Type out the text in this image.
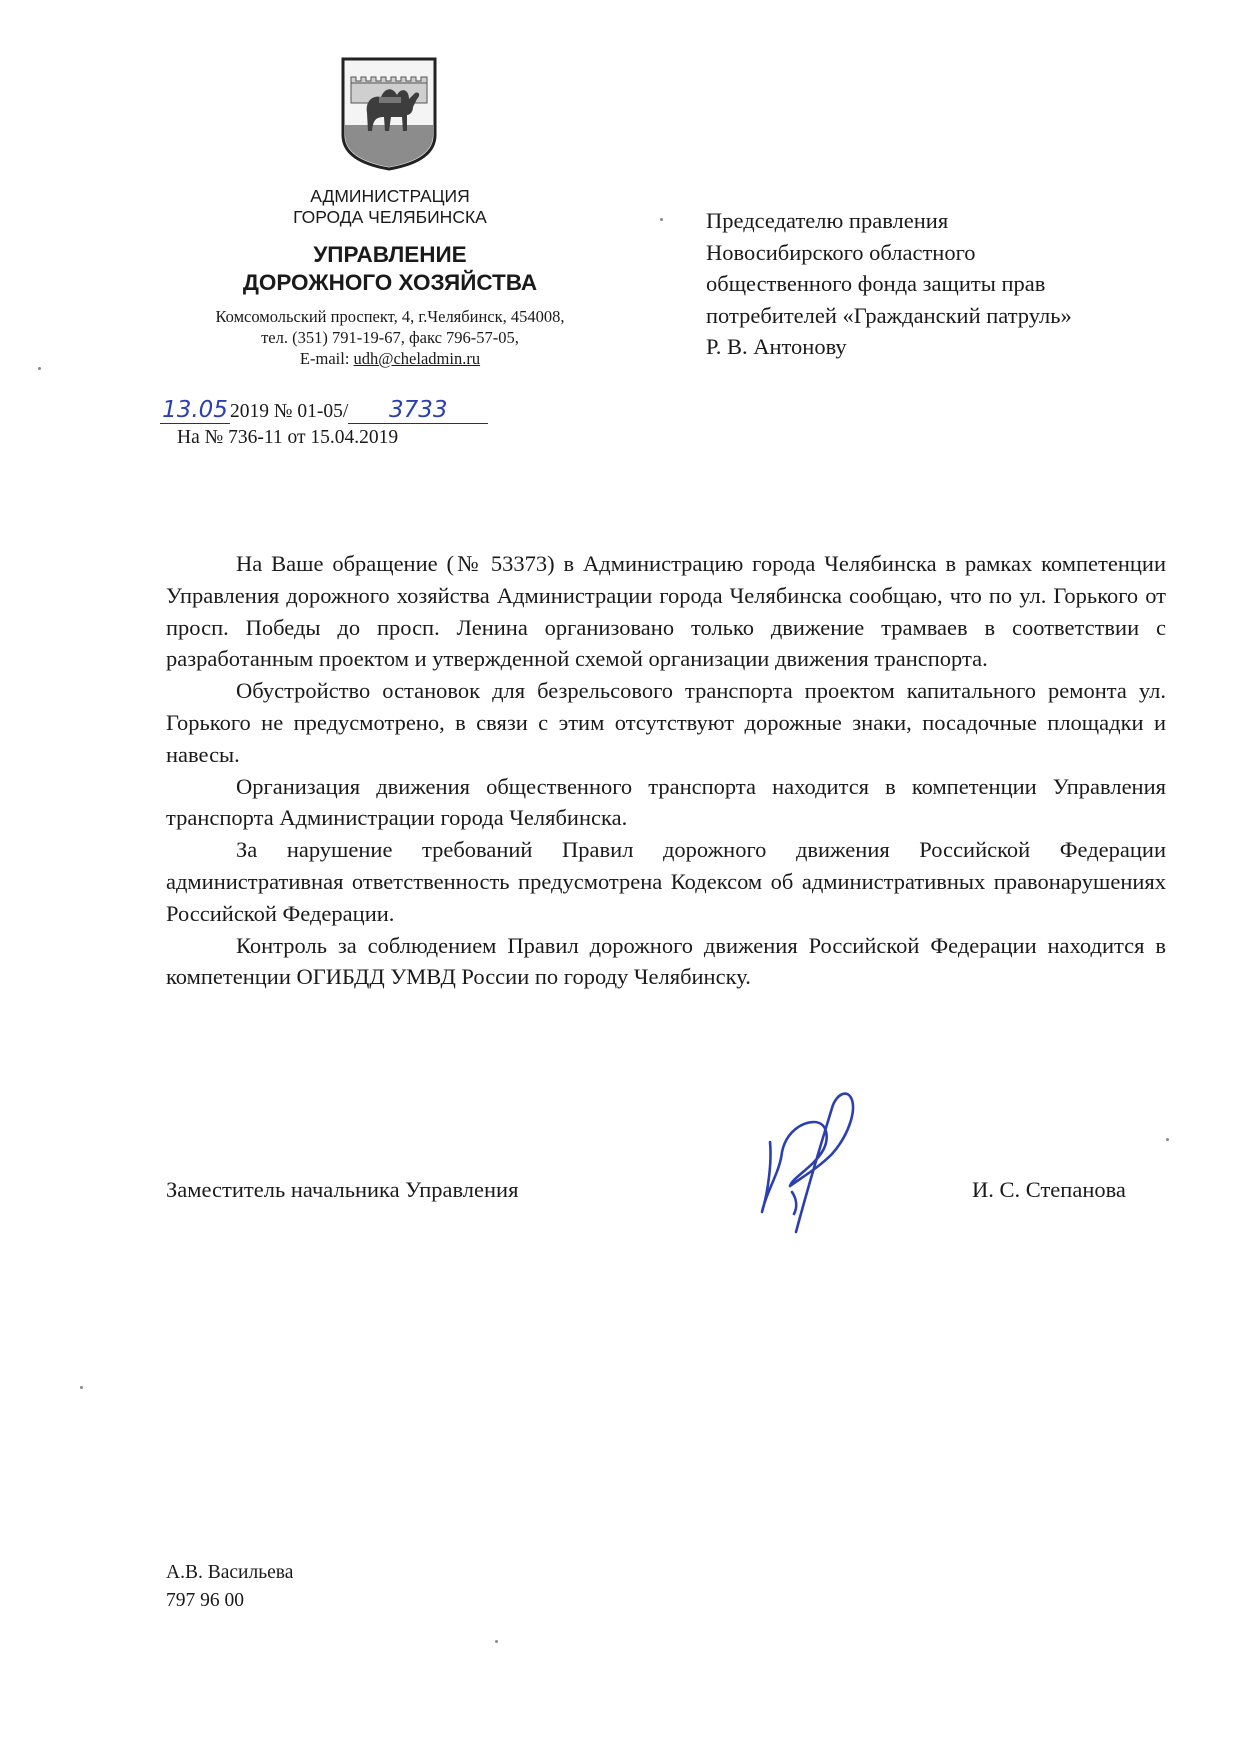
АДМИНИСТРАЦИЯ
ГОРОДА ЧЕЛЯБИНСКА
УПРАВЛЕНИЕ
ДОРОЖНОГО ХОЗЯЙСТВА
Комсомольский проспект, 4, г.Челябинск, 454008,
тел. (351) 791-19-67, факс 796-57-05,
E-mail: udh@cheladmin.ru
13.05 2019 № 01-05/ 3733
На № 736-11 от 15.04.2019
Председателю правления
Новосибирского областного
общественного фонда защиты прав
потребителей «Гражданский патруль»
Р. В. Антонову

На Ваше обращение (№ 53373) в Администрацию города Челябинска в рамках компетенции Управления дорожного хозяйства Администрации города Челябинска сообщаю, что по ул. Горького от просп. Победы до просп. Ленина организовано только движение трамваев в соответствии с разработанным проектом и утвержденной схемой организации движения транспорта.

Обустройство остановок для безрельсового транспорта проектом капитального ремонта ул. Горького не предусмотрено, в связи с этим отсутствуют дорожные знаки, посадочные площадки и навесы.

Организация движения общественного транспорта находится в компетенции Управления транспорта Администрации города Челябинска.

За нарушение требований Правил дорожного движения Российской Федерации административная ответственность предусмотрена Кодексом об административных правонарушениях Российской Федерации.

Контроль за соблюдением Правил дорожного движения Российской Федерации находится в компетенции ОГИБДД УМВД России по городу Челябинску.

Заместитель начальника Управления	И. С. Степанова
А.В. Васильева
797 96 00
